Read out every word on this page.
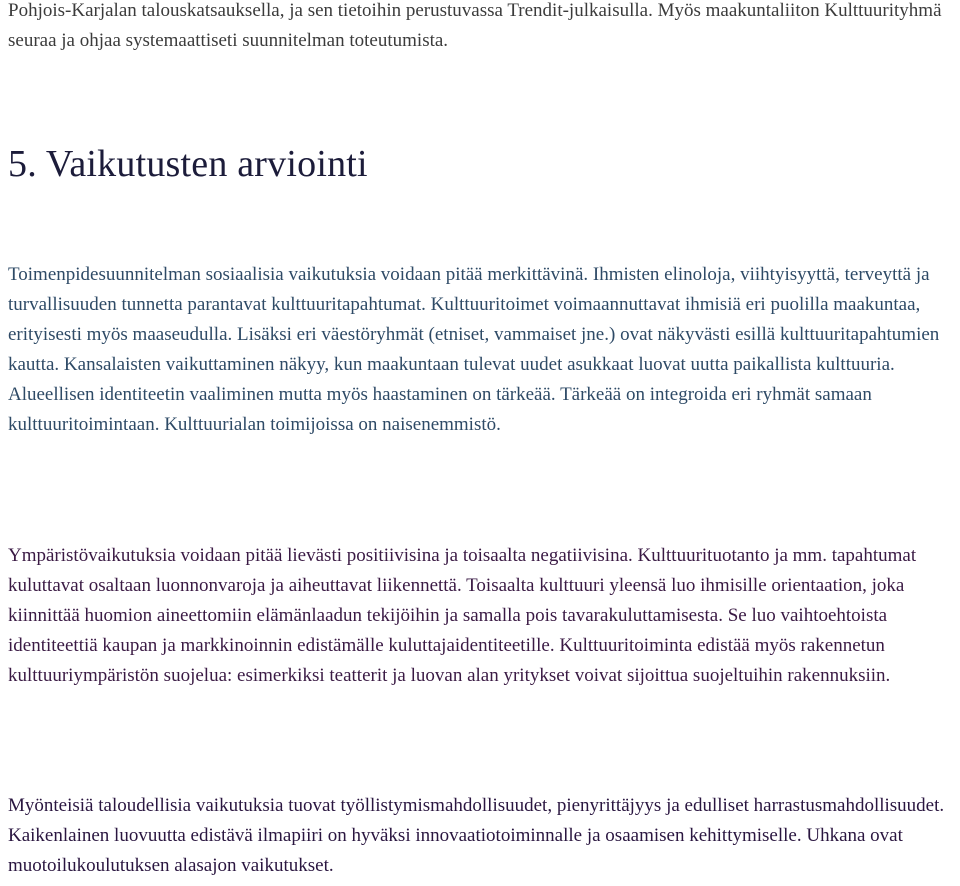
Pohjois-Karjalan talouskatsauksella, ja sen tietoihin perustuvassa Trendit-julkaisulla. Myös maakuntaliiton Kulttuurityhmä seuraa ja ohjaa systemaattiseti suunnitelman toteutumista.

5. Vaikutusten arviointi

Toimenpidesuunnitelman sosiaalisia vaikutuksia voidaan pitää merkittävinä. Ihmisten elinoloja, viihtyisyyttä, terveyttä ja turvallisuuden tunnetta parantavat kulttuuritapahtumat. Kulttuuritoimet voimaannuttavat ihmisiä eri puolilla maakuntaa, erityisesti myös maaseudulla. Lisäksi eri väestöryhmät (etniset, vammaiset jne.) ovat näkyvästi esillä kulttuuritapahtumien kautta. Kansalaisten vaikuttaminen näkyy, kun maakuntaan tulevat uudet asukkaat luovat uutta paikallista kulttuuria. Alueellisen identiteetin vaaliminen mutta myös haastaminen on tärkeää. Tärkeää on integroida eri ryhmät samaan kulttuuritoimintaan. Kulttuurialan toimijoissa on naisenemmistö.

Ympäristövaikutuksia voidaan pitää lievästi positiivisina ja toisaalta negatiivisina. Kulttuurituotanto ja mm. tapahtumat kuluttavat osaltaan luonnonvaroja ja aiheuttavat liikennettä. Toisaalta kulttuuri yleensä luo ihmisille orientaation, joka kiinnittää huomion aineettomiin elämänlaadun tekijöihin ja samalla pois tavarakuluttamisesta. Se luo vaihtoehtoista identiteettiä kaupan ja markkinoinnin edistämälle kuluttajaidentiteetille. Kulttuuritoiminta edistää myös rakennetun kulttuuriympäristön suojelua: esimerkiksi teatterit ja luovan alan yritykset voivat sijoittua suojeltuihin rakennuksiin.

Myönteisiä taloudellisia vaikutuksia tuovat työllistymismahdollisuudet, pienyrittäjyys ja edulliset harrastusmahdollisuudet. Kaikenlainen luovuutta edistävä ilmapiiri on hyväksi innovaatiotoiminnalle ja osaamisen kehittymiselle. Uhkana ovat muotoilukoulutuksen alasajon vaikutukset.
